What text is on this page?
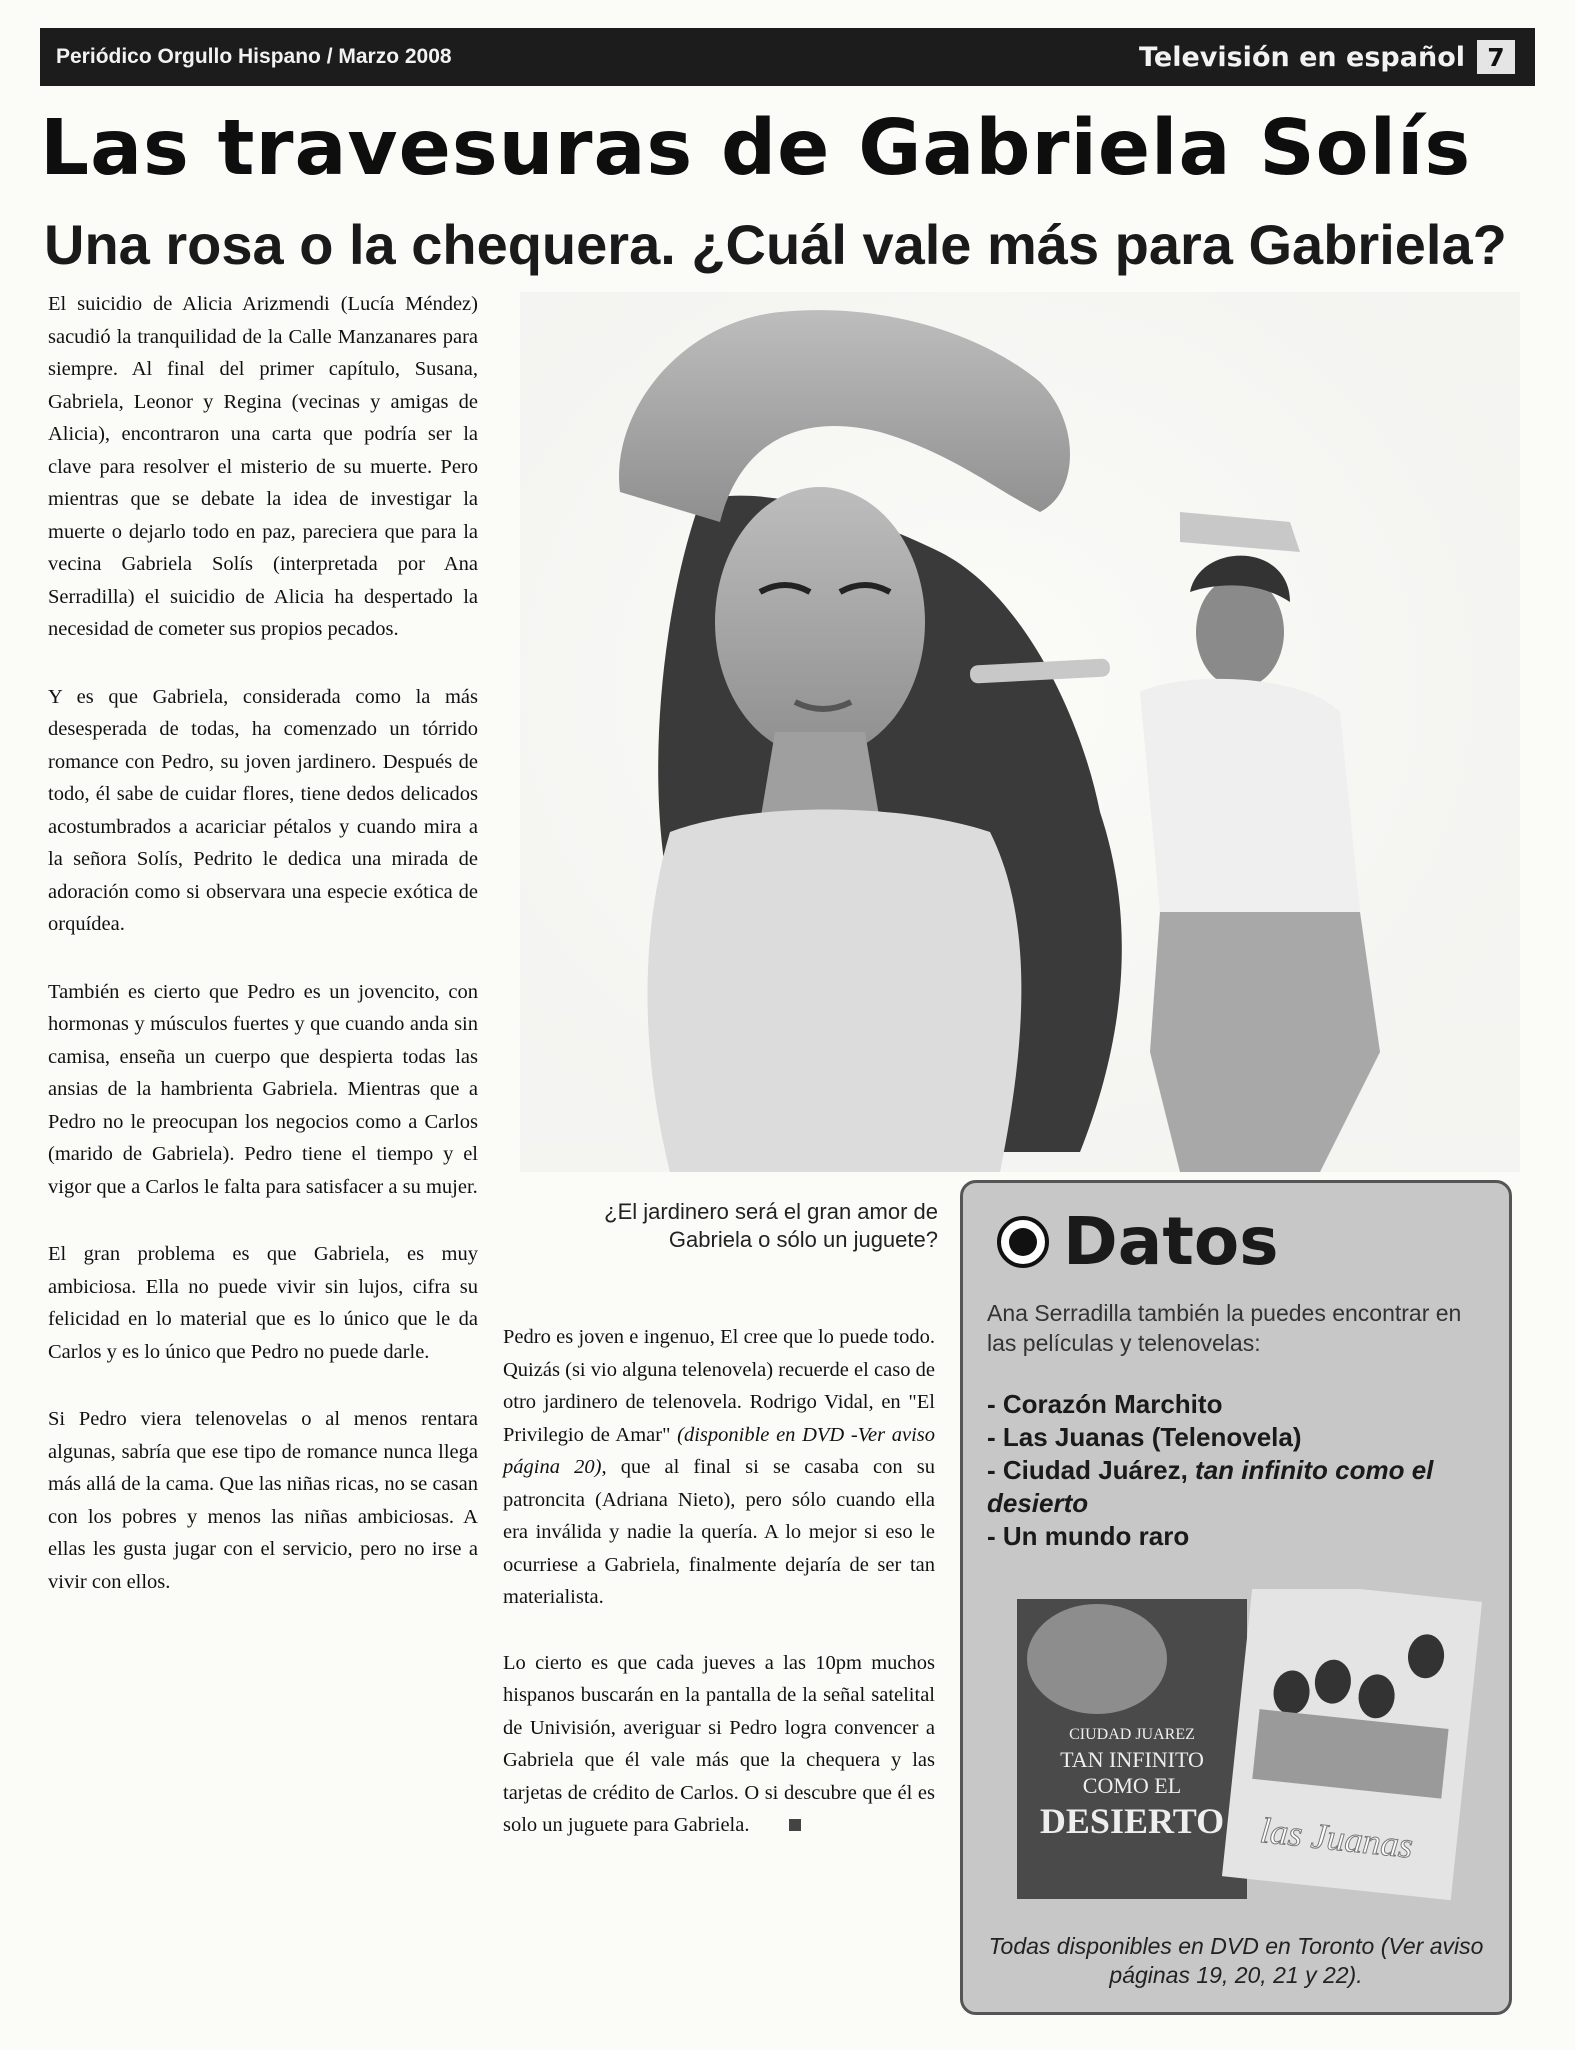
Periódico Orgullo Hispano / Marzo 2008	Televisión en español 7
Las travesuras de Gabriela Solís
Una rosa o la chequera. ¿Cuál vale más para Gabriela?

El suicidio de Alicia Arizmendi (Lucía Méndez) sacudió la tranquilidad de la Calle Manzanares para siempre. Al final del primer capítulo, Susana, Gabriela, Leonor y Regina (vecinas y amigas de Alicia), encontraron una carta que podría ser la clave para resolver el misterio de su muerte. Pero mientras que se debate la idea de investigar la muerte o dejarlo todo en paz, pareciera que para la vecina Gabriela Solís (interpretada por Ana Serradilla) el suicidio de Alicia ha despertado la necesidad de cometer sus propios pecados.

Y es que Gabriela, considerada como la más desesperada de todas, ha comenzado un tórrido romance con Pedro, su joven jardinero. Después de todo, él sabe de cuidar flores, tiene dedos delicados acostumbrados a acariciar pétalos y cuando mira a la señora Solís, Pedrito le dedica una mirada de adoración como si observara una especie exótica de orquídea.

También es cierto que Pedro es un jovencito, con hormonas y músculos fuertes y que cuando anda sin camisa, enseña un cuerpo que despierta todas las ansias de la hambrienta Gabriela. Mientras que a Pedro no le preocupan los negocios como a Carlos (marido de Gabriela). Pedro tiene el tiempo y el vigor que a Carlos le falta para satisfacer a su mujer.

El gran problema es que Gabriela, es muy ambiciosa. Ella no puede vivir sin lujos, cifra su felicidad en lo material que es lo único que le da Carlos y es lo único que Pedro no puede darle.

Si Pedro viera telenovelas o al menos rentara algunas, sabría que ese tipo de romance nunca llega más allá de la cama. Que las niñas ricas, no se casan con los pobres y menos las niñas ambiciosas. A ellas les gusta jugar con el servicio, pero no irse a vivir con ellos.

¿El jardinero será el gran amor de Gabriela o sólo un juguete?

Pedro es joven e ingenuo, El cree que lo puede todo. Quizás (si vio alguna telenovela) recuerde el caso de otro jardinero de telenovela. Rodrigo Vidal, en "El Privilegio de Amar" (disponible en DVD -Ver aviso página 20), que al final si se casaba con su patroncita (Adriana Nieto), pero sólo cuando ella era inválida y nadie la quería. A lo mejor si eso le ocurriese a Gabriela, finalmente dejaría de ser tan materialista.

Lo cierto es que cada jueves a las 10pm muchos hispanos buscarán en la pantalla de la señal satelital de Univisión, averiguar si Pedro logra convencer a Gabriela que él vale más que la chequera y las tarjetas de crédito de Carlos. O si descubre que él es solo un juguete para Gabriela.

Datos
Ana Serradilla también la puedes encontrar en las películas y telenovelas:
- Corazón Marchito
- Las Juanas (Telenovela)
- Ciudad Juárez, tan infinito como el desierto
- Un mundo raro
CIUDAD JUAREZ
TAN INFINITO
COMO EL
DESIERTO las Juanas
Todas disponibles en DVD en Toronto (Ver aviso páginas 19, 20, 21 y 22).
